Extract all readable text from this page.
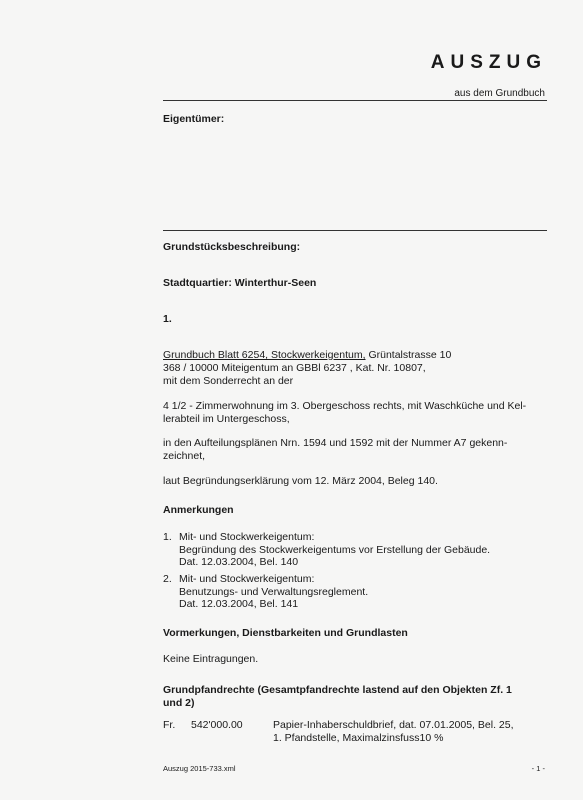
AUSZUG
aus dem Grundbuch
Eigentümer:
Grundstücksbeschreibung:
Stadtquartier: Winterthur-Seen
1.
Grundbuch Blatt 6254, Stockwerkeigentum, Grüntalstrasse 10
368 / 10000 Miteigentum an GBBl 6237 , Kat. Nr. 10807,
mit dem Sonderrecht an der
4 1/2 - Zimmerwohnung im 3. Obergeschoss rechts, mit Waschküche und Kel-
lerabteil im Untergeschoss,
in den Aufteilungsplänen Nrn. 1594 und 1592 mit der Nummer A7 gekenn-
zeichnet,
laut Begründungserklärung vom 12. März 2004, Beleg 140.
Anmerkungen
1. Mit- und Stockwerkeigentum:
Begründung des Stockwerkeigentums vor Erstellung der Gebäude.
Dat. 12.03.2004, Bel. 140
2. Mit- und Stockwerkeigentum:
Benutzungs- und Verwaltungsreglement.
Dat. 12.03.2004, Bel. 141
Vormerkungen, Dienstbarkeiten und Grundlasten
Keine Eintragungen.
Grundpfandrechte (Gesamtpfandrechte lastend auf den Objekten Zf. 1
und 2)
Fr.	542'000.00	Papier-Inhaberschuldbrief, dat. 07.01.2005, Bel. 25,
1. Pfandstelle, Maximalzinsfuss10 %
Auszug 2015-733.xml	- 1 -
